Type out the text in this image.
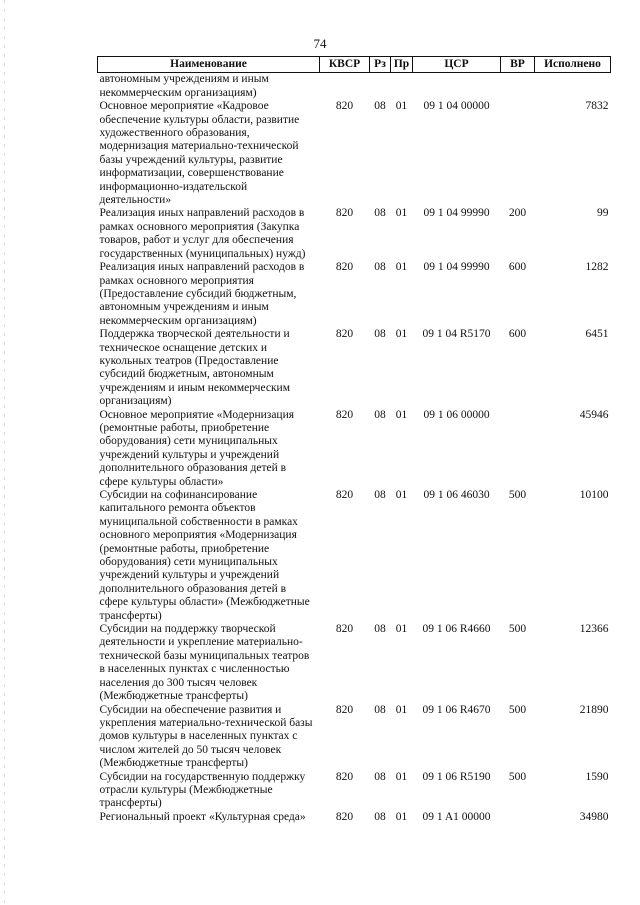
74
Наименование	КВСР	Рз	Пр	ЦСР	ВР	Исполнено
автономным учреждениям и иным некоммерческим организациям)						
Основное мероприятие «Кадровое обеспечение культуры области, развитие художественного образования, модернизация материально-технической базы учреждений культуры, развитие информатизации, совершенствование информационно-издательской деятельности»	820	08	01	09 1 04 00000		7832
Реализация иных направлений расходов в рамках основного мероприятия (Закупка товаров, работ и услуг для обеспечения государственных (муниципальных) нужд)	820	08	01	09 1 04 99990	200	99
Реализация иных направлений расходов в рамках основного мероприятия (Предоставление субсидий бюджетным, автономным учреждениям и иным некоммерческим организациям)	820	08	01	09 1 04 99990	600	1282
Поддержка творческой деятельности и техническое оснащение детских и кукольных театров (Предоставление субсидий бюджетным, автономным учреждениям и иным некоммерческим организациям)	820	08	01	09 1 04 R5170	600	6451
Основное мероприятие «Модернизация (ремонтные работы, приобретение оборудования) сети муниципальных учреждений культуры и учреждений дополнительного образования детей в сфере культуры области»	820	08	01	09 1 06 00000		45946
Субсидии на софинансирование капитального ремонта объектов муниципальной собственности в рамках основного мероприятия «Модернизация (ремонтные работы, приобретение оборудования) сети муниципальных учреждений культуры и учреждений дополнительного образования детей в сфере культуры области» (Межбюджетные трансферты)	820	08	01	09 1 06 46030	500	10100
Субсидии на поддержку творческой деятельности и укрепление материально-технической базы муниципальных театров в населенных пунктах с численностью населения до 300 тысяч человек (Межбюджетные трансферты)	820	08	01	09 1 06 R4660	500	12366
Субсидии на обеспечение развития и укрепления материально-технической базы домов культуры в населенных пунктах с числом жителей до 50 тысяч человек (Межбюджетные трансферты)	820	08	01	09 1 06 R4670	500	21890
Субсидии на государственную поддержку отрасли культуры (Межбюджетные трансферты)	820	08	01	09 1 06 R5190	500	1590
Региональный проект «Культурная среда»	820	08	01	09 1 A1 00000		34980
